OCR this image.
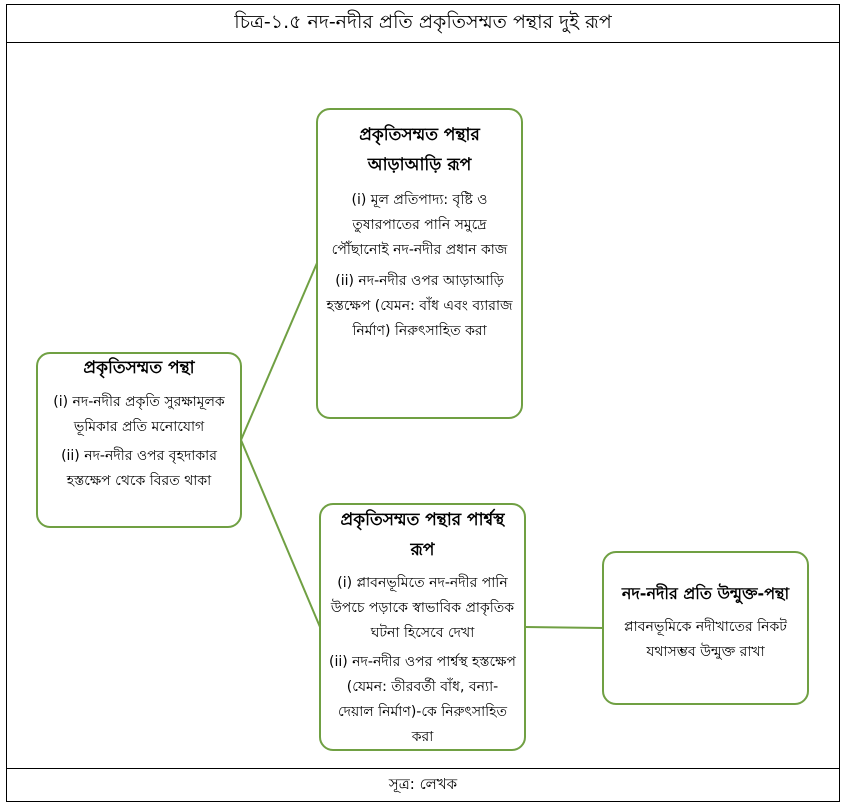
চিত্র-১.৫ নদ-নদীর প্রতি প্রকৃতিসম্মত পন্থার দুই রূপ
সূত্র: লেখক

প্রকৃতিসম্মত পন্থা

(i) নদ-নদীর প্রকৃতি সুরক্ষামূলক ভূমিকার প্রতি মনোযোগ

(ii) নদ-নদীর ওপর বৃহদাকার হস্তক্ষেপ থেকে বিরত থাকা

প্রকৃতিসম্মত পন্থার আড়াআড়ি রূপ

(i) মূল প্রতিপাদ্য: বৃষ্টি ও তুষারপাতের পানি সমুদ্রে পৌঁছানোই নদ-নদীর প্রধান কাজ

(ii) নদ-নদীর ওপর আড়াআড়ি হস্তক্ষেপ (যেমন: বাঁধ এবং ব্যারাজ নির্মাণ) নিরুৎসাহিত করা

প্রকৃতিসম্মত পন্থার পার্শ্বস্থ রূপ

(i) প্লাবনভূমিতে নদ-নদীর পানি উপচে পড়াকে স্বাভাবিক প্রাকৃতিক ঘটনা হিসেবে দেখা

(ii) নদ-নদীর ওপর পার্শ্বস্থ হস্তক্ষেপ (যেমন: তীরবর্তী বাঁধ, বন্যা-দেয়াল নির্মাণ)-কে নিরুৎসাহিত করা

নদ-নদীর প্রতি উন্মুক্ত-পন্থা

প্লাবনভূমিকে নদীখাতের নিকট যথাসম্ভব উন্মুক্ত রাখা
